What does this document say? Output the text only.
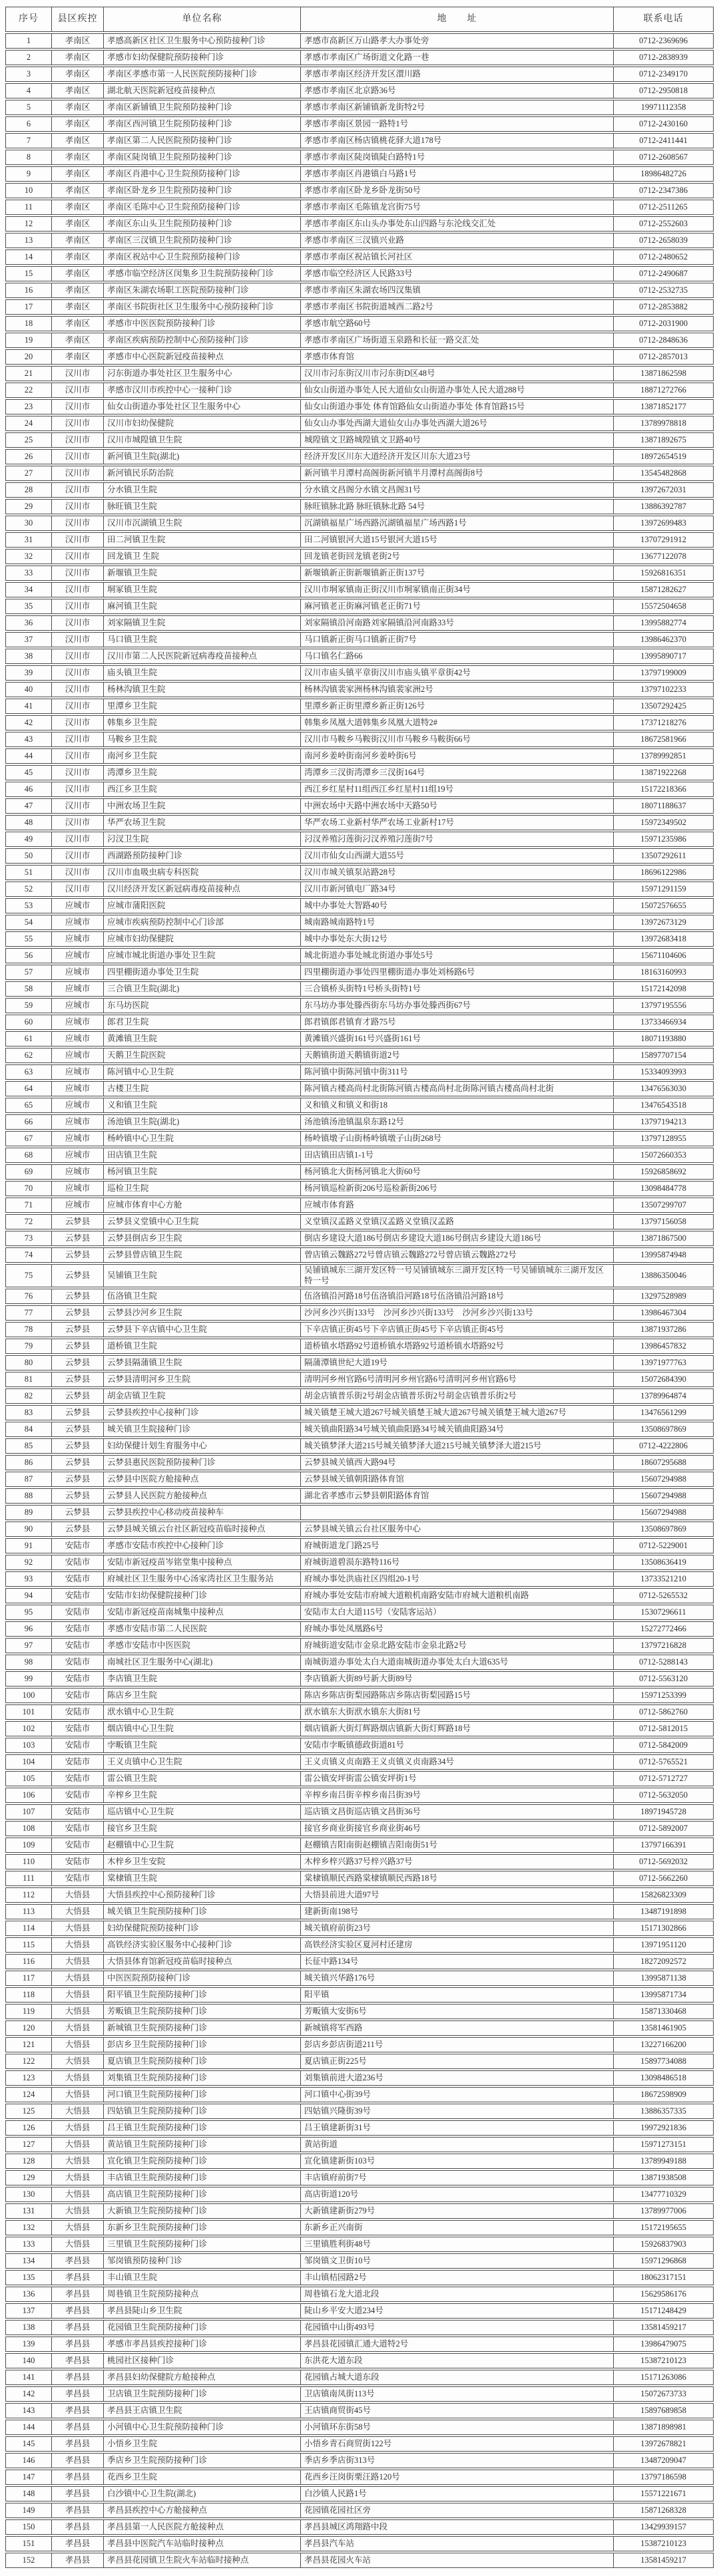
序号	县区疾控	单位名称	地　　址	联系电话
1	孝南区	孝感高新区社区卫生服务中心预防接种门诊	孝感市高新区万山路孝大办事处旁	0712-2369696
2	孝南区	孝感市妇幼保健院预防接种门诊	孝感市孝南区广场街道文化路一巷	0712-2838939
3	孝南区	孝南区孝感市第一人民医院预防接种门诊	孝感市孝南区经济开发区澴川路	0712-2349170
4	孝南区	湖北航天医院新冠疫苗接种点	孝感市孝南区北京路36号	0712-2950818
5	孝南区	孝南区新铺镇卫生院预防接种门诊	孝感市孝南区新铺镇新龙街特2号	19971112358
6	孝南区	孝南区西河镇卫生院预防接种门诊	孝感市孝南区景园一路特1号	0712-2430160
7	孝南区	孝南区第二人民医院预防接种门诊	孝感市孝南区杨店镇桃花驿大道178号	0712-2411441
8	孝南区	孝南区陡岗镇卫生院预防接种门诊	孝感市孝南区陡岗镇陡白路特1号	0712-2608567
9	孝南区	孝南区肖港中心卫生院预防接种门诊	孝感市孝南区肖港镇白马路1号	18986482726
10	孝南区	孝南区卧龙乡卫生院预防接种门诊	孝感市孝南区卧龙乡卧龙街50号	0712-2347386
11	孝南区	孝南区毛陈中心卫生院预防接种门诊	孝感市孝南区毛陈镇龙宫街75号	0712-2511265
12	孝南区	孝南区东山头卫生院预防接种门诊	孝感市孝南区东山头办事处东山四路与东沦线交汇处	0712-2552603
13	孝南区	孝南区三汊镇卫生院预防接种门诊	孝感市孝南区三汊镇兴业路	0712-2658039
14	孝南区	孝南区祝站中心卫生院预防接种门诊	孝感市孝南区祝站镇长河社区	0712-2480652
15	孝南区	孝感市临空经济区闵集乡卫生院预防接种门诊	孝感市临空经济区人民路33号	0712-2490687
16	孝南区	孝南区朱湖农场职工医院预防接种门诊	孝感市孝南区朱湖农场四汊集镇	0712-2532735
17	孝南区	孝南区书院街社区卫生服务中心预防接种门诊	孝感市孝南区书院街道城西二路2号	0712-2853882
18	孝南区	孝感市中医医院预防接种门诊	孝感市航空路60号	0712-2031900
19	孝南区	孝南区疾病预防控制中心预防接种门诊	孝感市孝南区广场街道玉泉路和长征一路交汇处	0712-2848636
20	孝南区	孝感市中心医院新冠疫苗接种点	孝感市体育馆	0712-2857013
21	汉川市	汈东街道办事处社区卫生服务中心	汉川市汈东街汉川市汈东街D区48号	13871862598
22	汉川市	孝感市汉川市疾控中心一接种门诊	仙女山街道办事处人民大道仙女山街道办事处人民大道288号	18871272766
23	汉川市	仙女山街道办事处社区卫生服务中心	仙女山街道办事处 体育馆路仙女山街道办事处 体育馆路15号	13871852177
24	汉川市	汉川市妇幼保健院	仙女山办事处西湖大道仙女山办事处西湖大道26号	13789978818
25	汉川市	汉川市城隍镇卫生院	城隍镇文卫路城隍镇文卫路40号	13871892675
26	汉川市	新河镇卫生院(湖北)	经济开发区川东大道经济开发区川东大道23号	18972654519
27	汉川市	新河镇民乐防治院	新河镇半月潭村高阁街新河镇半月潭村高阁街8号	13545482868
28	汉川市	分水镇卫生院	分水镇文昌阁分水镇文昌阁31号	13972672031
29	汉川市	脉旺镇卫生院	脉旺镇脉北路 脉旺镇脉北路 54号	13886392787
30	汉川市	汉川市沉湖镇卫生院	沉湖镇福星广场西路沉湖镇福星广场西路1号	13972699483
31	汉川市	田二河镇卫生院	田二河镇银河大道15号银河大道15号	13707291912
32	汉川市	回龙镇卫 生院	回龙镇老街回龙镇老街2号	13677122078
33	汉川市	新堰镇卫生院	新堰镇新正街新堰镇新正街137号	15926816351
34	汉川市	垌冢镇卫生院	汉川市垌冢镇南正街汉川市垌冢镇南正街34号	15871282627
35	汉川市	麻河镇卫生院	麻河镇老正街麻河镇老正街71号	15572504658
36	汉川市	刘家隔镇卫生院	刘家隔镇沿河南路刘家隔镇沿河南路33号	13995882774
37	汉川市	马口镇卫生院	马口镇新正街马口镇新正街7号	13986462370
38	汉川市	汉川市第二人民医院新冠病毒疫苗接种点	马口镇名仁路66	13995890717
39	汉川市	庙头镇卫生院	汉川市庙头镇平章街汉川市庙头镇平章街42号	13797199009
40	汉川市	杨林沟镇卫生院	杨林沟镇裴家洲杨林沟镇裴家洲2号	13797102233
41	汉川市	里潭乡卫生院	里潭乡新正街里潭乡新正街126号	13507292425
42	汉川市	韩集乡卫生院	韩集乡凤凰大道韩集乡凤凰大道特2#	17371218276
43	汉川市	马鞍乡卫生院	汉川市马鞍乡马鞍街汉川市马鞍乡马鞍街66号	18672581966
44	汉川市	南河乡卫生院	南河乡姜岭街南河乡姜岭街6号	13789992851
45	汉川市	湾潭乡卫生院	湾潭乡三汊街湾潭乡三汊街164号	13871922268
46	汉川市	西江乡卫生院	西江乡红星村11组西江乡红星村11组19号	15172218366
47	汉川市	中洲农场卫生院	中洲农场中天路中洲农场中天路50号	18071188637
48	汉川市	华严农场卫生院	华严农场工业新村华严农场工业新村17号	15972349502
49	汉川市	汈汊卫生院	汈汊养殖汈莲街汈汊养殖汈莲街7号	15971235986
50	汉川市	西湖路预防接种门诊	汉川市仙女山西湖大道55号	13507292611
51	汉川市	汉川市血吸虫病专科医院	汉川市城关镇泵站路28号	18696122986
52	汉川市	汉川经济开发区新冠病毒疫苗接种点	汉川市新河镇电厂路34号	15971291159
53	应城市	应城市蒲阳医院	城中办事处大智路40号	15072576655
54	应城市	应城市疾病预防控制中心门诊部	城南路城南路特1号	13972673129
55	应城市	应城市妇幼保健院	城中办事处东大街12号	13972683418
56	应城市	应城市城北街道办事处卫生院	城北街道办事处城北街道办事处5号	15671104606
57	应城市	四里棚街道办事处卫生院	四里棚街道办事处四里棚街道办事处刘杨路6号	18163160993
58	应城市	三合镇卫生院(湖北)	三合镇桥头街特1号桥头街特1号	15172142098
59	应城市	东马坊医院	东马坊办事处滕西街东马坊办事处滕西街67号	13797195556
60	应城市	郎君卫生院	郎君镇郎君镇育才路75号	13733466934
61	应城市	黄滩镇卫生院	黄滩镇兴盛街161号兴盛街161号	18071193880
62	应城市	天鹅卫生院医院	天鹅镇街道天鹅镇街道2号	15897707154
63	应城市	陈河镇中心卫生院	陈河镇中街陈河镇中街311号	15334093993
64	应城市	古楼卫生院	陈河镇古楼高尚村北街陈河镇古楼高尚村北街陈河镇古楼高尚村北街	13476563030
65	应城市	义和镇卫生院	义和镇义和镇义和街18	13476543518
66	应城市	汤池镇卫生院(湖北)	汤池镇汤池镇温泉东路12号	13797194213
67	应城市	杨岭镇中心卫生院	杨岭镇墩子山街杨岭镇墩子山街268号	13797128955
68	应城市	田店镇卫生院	田店镇田店镇1-1号	15072660353
69	应城市	杨河镇卫生院	杨河镇北大街杨河镇北大街60号	15926858692
70	应城市	巡检卫生院	杨河镇巡检新街206号巡检新街206号	13098484778
71	应城市	应城市体育中心方舱	应城市体育路	13507299707
72	云梦县	云梦县义堂镇中心卫生院	义堂镇汉孟路义堂镇汉孟路义堂镇汉孟路	13797156058
73	云梦县	云梦县倒店乡卫生院	倒店乡建设大道186号倒店乡建设大道186号倒店乡建设大道186号	13871867500
74	云梦县	云梦县曾店镇卫生院	曾店镇云魏路272号曾店镇云魏路272号曾店镇云魏路272号	13995874948
75	云梦县	吴铺镇卫生院	吴铺镇城东三湖开发区特一号吴铺镇城东三湖开发区特一号吴铺镇城东三湖开发区特一号	13886350046
76	云梦县	伍洛镇卫生院	伍洛镇沿河路18号伍洛镇沿河路18号伍洛镇沿河路18号	13297528989
77	云梦县	云梦县沙河乡卫生院	沙河乡沙兴街133号　沙河乡沙兴街133号　沙河乡沙兴街133号	13986467304
78	云梦县	云梦县下辛店镇中心卫生院	下辛店镇正街45号下辛店镇正街45号下辛店镇正街45号	13871937286
79	云梦县	道桥镇卫生院	道桥镇水塔路92号道桥镇水塔路92号道桥镇水塔路92号	13986457832
80	云梦县	云梦县隔蒲镇卫生院	隔蒲潭镇世纪大道19号	13971977763
81	云梦县	云梦县清明河乡卫生院	清明河乡州官路6号清明河乡州官路6号清明河乡州官路6号	15072684390
82	云梦县	胡金店镇卫生院	胡金店镇普乐街2号胡金店镇普乐街2号胡金店镇普乐街2号	13789964874
83	云梦县	云梦县疾控中心接种门诊	城关镇楚王城大道267号城关镇楚王城大道267号城关镇楚王城大道267号	13476561299
84	云梦县	城关镇卫生院接种门诊	城关镇曲阳路34号城关镇曲阳路34号城关镇曲阳路34号	13508697869
85	云梦县	妇幼保健计划生育服务中心	城关镇梦泽大道215号城关镇梦泽大道215号城关镇梦泽大道215号	0712-4222806
86	云梦县	云梦县惠民医院预防接种门诊	云梦县城关镇西大路94号	18607295688
87	云梦县	云梦县中医院方舱接种点	云梦县城关镇朝阳路体育馆	15607294988
88	云梦县	云梦县人民医院方舱接种点	湖北省孝感市云梦县朝阳路体育馆	15607294988
89	云梦县	云梦县疾控中心移动疫苗接种车		15607294988
90	云梦县	云梦县城关镇云台社区新冠疫苗临时接种点	云梦县城关镇云台社区服务中心	13508697869
91	安陆市	孝感市安陆市疾控中心接种门诊	府城街道龙门路25号	0712-5229001
92	安陆市	安陆市新冠疫苗岑铭堂集中接种点	府城街道碧涢东路特116号	13508636419
93	安陆市	府城社区卫生服务中心汤家湾社区卫生服务站	府城办事处洪庙社区四组20-1号	13733521210
94	安陆市	安陆市妇幼保健院接种门诊	府城办事处安陆市府城大道粮机南路安陆市府城大道粮机南路	0712-5265532
95	安陆市	安陆市新冠疫苗南城集中接种点	安陆市太白大道115号（安陆客运站）	15307296611
96	安陆市	孝感市安陆市第二人民医院	府城办事处凤凰路6号	15272772466
97	安陆市	孝感市安陆市中医医院	府城街道安陆市金泉北路安陆市金泉北路2号	13797216828
98	安陆市	南城社区卫生服务中心(湖北)	南城街道办事处太白大道南城街道办事处太白大道635号	0712-5288143
99	安陆市	李店镇卫生院	李店镇新大街89号新大街89号	0712-5563120
100	安陆市	陈店乡卫生院	陈店乡陈店街梨园路陈店乡陈店街梨园路15号	15971253399
101	安陆市	洑水镇中心卫生院	洑水镇东大街洑水镇东大街81号	0712-5862760
102	安陆市	烟店镇中心卫生院	烟店镇新大街灯辉路烟店镇新大街灯辉路18号	0712-5812015
103	安陆市	孛畈镇卫生院	安陆市孛畈镇德政街道81号	0712-5842009
104	安陆市	王义贞镇中心卫生院	王义贞镇义贞南路王义贞镇义贞南路34号	0712-5765521
105	安陆市	雷公镇卫生院	雷公镇安坪街雷公镇安坪街1号	0712-5712727
106	安陆市	辛榨乡卫生院	辛榨乡南吕街辛榨乡南吕街39号	0712-5632050
107	安陆市	巡店镇中心卫生院	巡店镇文昌街巡店镇文昌街36号	18971945728
108	安陆市	接官乡卫生院	接官乡商业街接官乡商业街46号	0712-5892007
109	安陆市	赵棚镇中心卫生院	赵棚镇吉阳南街赵棚镇吉阳南街51号	13797166391
110	安陆市	木梓乡卫生安院	木梓乡梓兴路37号梓兴路37号	0712-5692032
111	安陆市	棠棣镇卫生院	棠棣镇顺民西路棠棣镇顺民西路18号	0712-5662260
112	大悟县	大悟县疾控中心预防接种门诊	大悟县前进大道97号	15826823309
113	大悟县	城关镇卫生院预防接种门诊	建新街南198号	13487191898
114	大悟县	妇幼保健院预防接种门诊	城关镇府前街23号	15171302866
115	大悟县	高铁经济实验区服务中心接种门诊	高铁经济实验区夏河村还建房	13971951120
116	大悟县	大悟县体育馆新冠疫苗临时接种点	长征中路134号	18272092572
117	大悟县	中医医院预防接种门诊	城关镇兴华路176号	13995871138
118	大悟县	阳平镇卫生院预防接种门诊	阳平镇	13995871734
119	大悟县	芳畈镇卫生院预防接种门诊	芳畈镇大安街6号	15871330468
120	大悟县	新城镇卫生院预防接种门诊	新城镇将军西路	13581461905
121	大悟县	彭店乡卫生院预防接种门诊	彭店乡彭店街道211号	13227166200
122	大悟县	夏店镇卫生院预防接种门诊	夏店镇正街225号	15897734088
123	大悟县	刘集镇卫生院预防接种门诊	刘集镇前进大道236号	13098486518
124	大悟县	河口镇卫生院预防接种门诊	河口镇中心街39号	18672598909
125	大悟县	四姑镇卫生院预防接种门诊	四姑镇兴隆街39号	13886357335
126	大悟县	吕王镇卫生院预防接种门诊	吕王镇建新街31号	19972921836
127	大悟县	黄站镇卫生院预防接种门诊	黄站街道	15971273151
128	大悟县	宣化镇卫生院预防接种门诊	宣化镇建新街103号	13789949188
129	大悟县	丰店镇卫生院预防接种门诊	丰店镇府前街7号	13871938508
130	大悟县	高店镇卫生院预防接种门诊	高店街道120号	13477710329
131	大悟县	大新镇卫生院预防接种门诊	大新镇建新街279号	13789977006
132	大悟县	东新乡卫生院预防接种门诊	东新乡正兴南街	15172195655
133	大悟县	三里镇卫生院预防接种门诊	三里镇胜利街48号	15926837903
134	孝昌县	邹岗镇预防接种门诊	邹岗镇文卫街10号	15971296868
135	孝昌县	丰山镇卫生院	丰山镇桔园路2号	18062317151
136	孝昌县	周巷镇卫生院预防接种点	周巷镇石龙大道北段	15629586176
137	孝昌县	孝昌县陡山乡卫生院	陡山乡平安大道234号	15171248429
138	孝昌县	花园镇卫生院预防接种门诊	花园镇中山街493号	13581459217
139	孝昌县	孝感市孝昌县疾控接种门诊	孝昌县花园镇汇通大道特2号	13986479075
140	孝昌县	桃园社区接种门诊	东洪花大道东段	15387210123
141	孝昌县	孝昌县妇幼保健院方舱接种点	花园镇占城大道东段	15171263086
142	孝昌县	卫店镇卫生院预防接种门诊	卫店镇南凤街113号	15072673733
143	孝昌县	孝昌县王店镇卫生院	王店镇商贸街45号	15897689858
144	孝昌县	小河镇中心卫生院预防接种门诊	小河镇环东街58号	13871898981
145	孝昌县	小悟乡卫生院	小悟乡青石商贸街122号	13972678821
146	孝昌县	季店乡卫生院预防接种门诊	季店乡季店街313号	13487209047
147	孝昌县	花西乡卫生院	花西乡汪岗街栗汪路120号	13797186598
148	孝昌县	白沙镇中心卫生院(湖北)	白沙镇人民路1号	15571221671
149	孝昌县	孝昌县疾控中心方舱接种点	花园镇花园社区旁	15871268328
150	孝昌县	孝昌县第一人民医院方舱接种点	孝昌县城区鸿翔路中段	13429939157
151	孝昌县	孝昌县中医院汽车站临时接种点	孝昌县汽车站	15387210123
152	孝昌县	孝昌县花园镇卫生院火车站临时接种点	孝昌县花园火车站	13581459217
